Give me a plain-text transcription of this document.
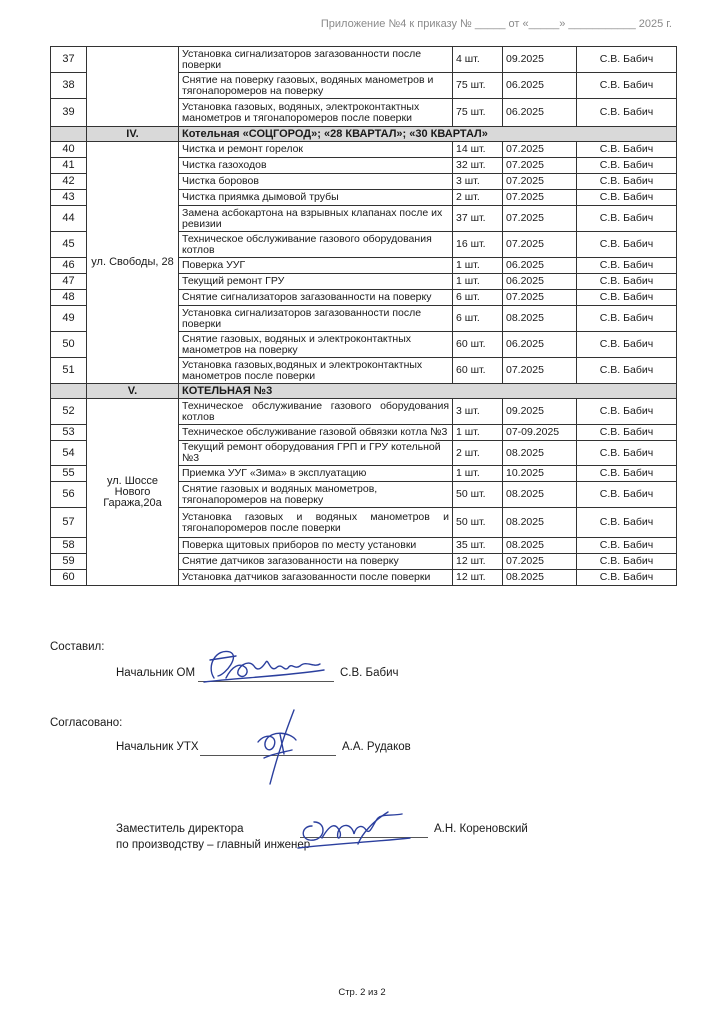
Приложение №4 к приказу № _____ от «_____» ___________ 2025 г.
37		Установка сигнализаторов загазованности после поверки	4 шт.	09.2025	С.В. Бабич
38		Снятие на поверку газовых, водяных манометров и тягонапоромеров на поверку	75 шт.	06.2025	С.В. Бабич
39		Установка газовых, водяных, электроконтактных манометров и тягонапоромеров после поверки	75 шт.	06.2025	С.В. Бабич
	IV.	Котельная «СОЦГОРОД»; «28 КВАРТАЛ»; «30 КВАРТАЛ»			
40	ул. Свободы, 28	Чистка и ремонт горелок	14 шт.	07.2025	С.В. Бабич
41		Чистка газоходов	32 шт.	07.2025	С.В. Бабич
42		Чистка боровов	3 шт.	07.2025	С.В. Бабич
43		Чистка приямка дымовой трубы	2 шт.	07.2025	С.В. Бабич
44		Замена асбокартона на взрывных клапанах после их ревизии	37 шт.	07.2025	С.В. Бабич
45		Техническое обслуживание газового оборудования котлов	16 шт.	07.2025	С.В. Бабич
46		Поверка УУГ	1 шт.	06.2025	С.В. Бабич
47		Текущий ремонт ГРУ	1 шт.	06.2025	С.В. Бабич
48		Снятие сигнализаторов загазованности на поверку	6 шт.	07.2025	С.В. Бабич
49		Установка сигнализаторов загазованности после поверки	6 шт.	08.2025	С.В. Бабич
50		Снятие газовых, водяных и электроконтактных манометров на поверку	60 шт.	06.2025	С.В. Бабич
51		Установка газовых,водяных и электроконтактных манометров после поверки	60 шт.	07.2025	С.В. Бабич
	V.	КОТЕЛЬНАЯ №3			
52	ул. Шоссе Нового Гаража,20а	Техническое обслуживание газового оборудования котлов	3 шт.	09.2025	С.В. Бабич
53		Техническое обслуживание газовой обвязки котла №3	1 шт.	07-09.2025	С.В. Бабич
54		Текущий ремонт оборудования ГРП и ГРУ котельной №3	2 шт.	08.2025	С.В. Бабич
55		Приемка УУГ «Зима» в эксплуатацию	1 шт.	10.2025	С.В. Бабич
56		Снятие газовых и водяных манометров, тягонапоромеров на поверку	50 шт.	08.2025	С.В. Бабич
57		Установка газовых и водяных манометров и тягонапоромеров после поверки	50 шт.	08.2025	С.В. Бабич
58		Поверка щитовых приборов по месту установки	35 шт.	08.2025	С.В. Бабич
59		Снятие датчиков загазованности на поверку	12 шт.	07.2025	С.В. Бабич
60		Установка датчиков загазованности после поверки	12 шт.	08.2025	С.В. Бабич
Составил:
Начальник ОМ	С.В. Бабич
Согласовано:
Начальник УТХ	А.А. Рудаков
Заместитель директора
по производству – главный инженер
А.Н. Кореновский
Стр. 2 из 2
